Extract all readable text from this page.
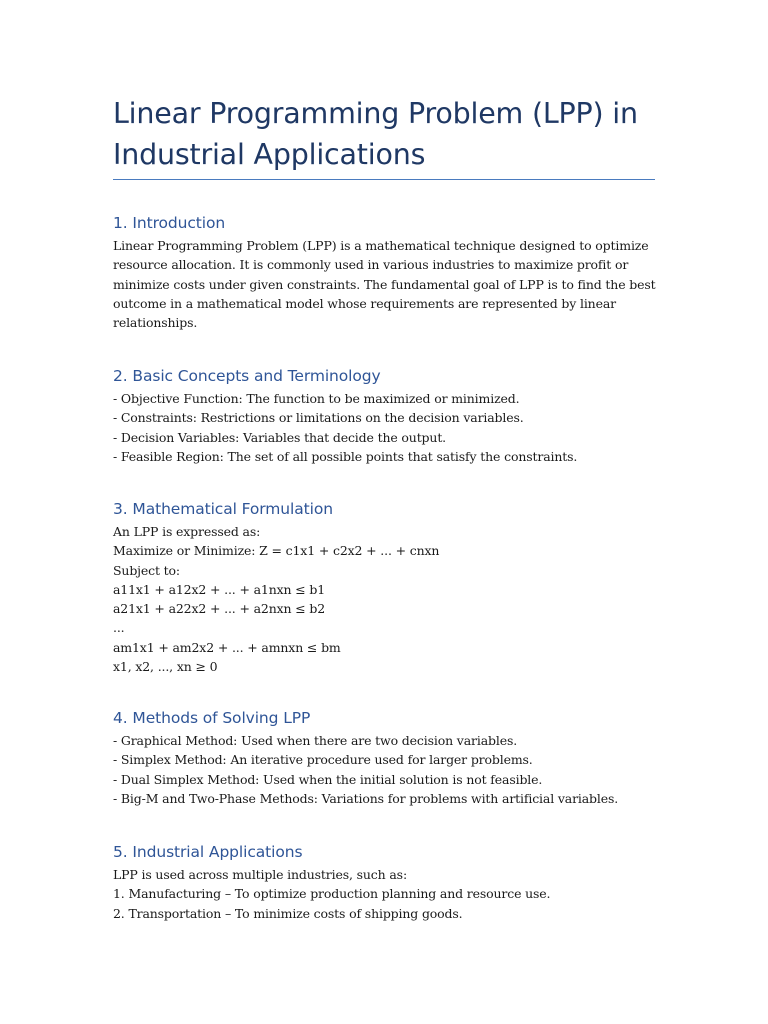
Linear Programming Problem (LPP) in Industrial Applications
1. Introduction
Linear Programming Problem (LPP) is a mathematical technique designed to optimize
resource allocation. It is commonly used in various industries to maximize profit or
minimize costs under given constraints. The fundamental goal of LPP is to find the best
outcome in a mathematical model whose requirements are represented by linear
relationships.
2. Basic Concepts and Terminology
- Objective Function: The function to be maximized or minimized.
- Constraints: Restrictions or limitations on the decision variables.
- Decision Variables: Variables that decide the output.
- Feasible Region: The set of all possible points that satisfy the constraints.
3. Mathematical Formulation
An LPP is expressed as:
Maximize or Minimize: Z = c1x1 + c2x2 + ... + cnxn
Subject to:
a11x1 + a12x2 + ... + a1nxn ≤ b1
a21x1 + a22x2 + ... + a2nxn ≤ b2
...
am1x1 + am2x2 + ... + amnxn ≤ bm
x1, x2, ..., xn ≥ 0
4. Methods of Solving LPP
- Graphical Method: Used when there are two decision variables.
- Simplex Method: An iterative procedure used for larger problems.
- Dual Simplex Method: Used when the initial solution is not feasible.
- Big-M and Two-Phase Methods: Variations for problems with artificial variables.
5. Industrial Applications
LPP is used across multiple industries, such as:
1. Manufacturing – To optimize production planning and resource use.
2. Transportation – To minimize costs of shipping goods.
